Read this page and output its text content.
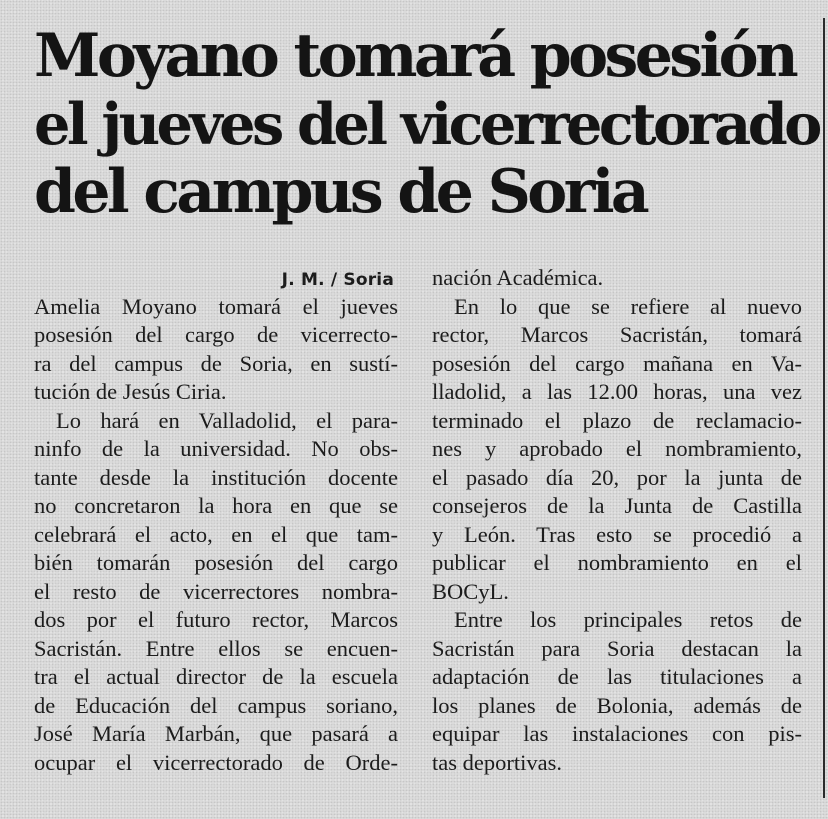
Moyano tomará posesión
el jueves del vicerrectorado
del campus de Soria
J. M. / Soria
Amelia Moyano tomará el jueves
posesión del cargo de vicerrecto-
ra del campus de Soria, en sustí-
tución de Jesús Ciria.
Lo hará en Valladolid, el para-
ninfo de la universidad. No obs-
tante desde la institución docente
no concretaron la hora en que se
celebrará el acto, en el que tam-
bién tomarán posesión del cargo
el resto de vicerrectores nombra-
dos por el futuro rector, Marcos
Sacristán. Entre ellos se encuen-
tra el actual director de la escuela
de Educación del campus soriano,
José María Marbán, que pasará a
ocupar el vicerrectorado de Orde-
nación Académica.
En lo que se refiere al nuevo
rector, Marcos Sacristán, tomará
posesión del cargo mañana en Va-
lladolid, a las 12.00 horas, una vez
terminado el plazo de reclamacio-
nes y aprobado el nombramiento,
el pasado día 20, por la junta de
consejeros de la Junta de Castilla
y León. Tras esto se procedió a
publicar el nombramiento en el
BOCyL.
Entre los principales retos de
Sacristán para Soria destacan la
adaptación de las titulaciones a
los planes de Bolonia, además de
equipar las instalaciones con pis-
tas deportivas.
